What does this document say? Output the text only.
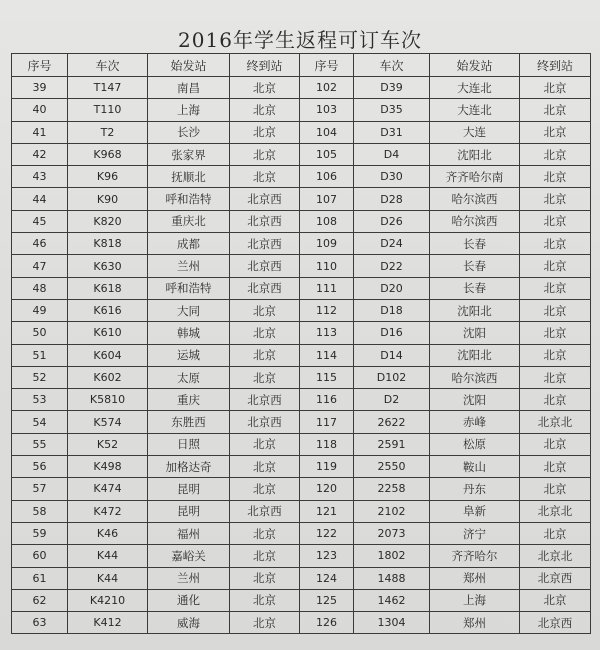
2016年学生返程可订车次
序号	车次	始发站	终到站	序号	车次	始发站	终到站
39	T147	南昌	北京	102	D39	大连北	北京
40	T110	上海	北京	103	D35	大连北	北京
41	T2	长沙	北京	104	D31	大连	北京
42	K968	张家界	北京	105	D4	沈阳北	北京
43	K96	抚顺北	北京	106	D30	齐齐哈尔南	北京
44	K90	呼和浩特	北京西	107	D28	哈尔滨西	北京
45	K820	重庆北	北京西	108	D26	哈尔滨西	北京
46	K818	成都	北京西	109	D24	长春	北京
47	K630	兰州	北京西	110	D22	长春	北京
48	K618	呼和浩特	北京西	111	D20	长春	北京
49	K616	大同	北京	112	D18	沈阳北	北京
50	K610	韩城	北京	113	D16	沈阳	北京
51	K604	运城	北京	114	D14	沈阳北	北京
52	K602	太原	北京	115	D102	哈尔滨西	北京
53	K5810	重庆	北京西	116	D2	沈阳	北京
54	K574	东胜西	北京西	117	2622	赤峰	北京北
55	K52	日照	北京	118	2591	松原	北京
56	K498	加格达奇	北京	119	2550	鞍山	北京
57	K474	昆明	北京	120	2258	丹东	北京
58	K472	昆明	北京西	121	2102	阜新	北京北
59	K46	福州	北京	122	2073	济宁	北京
60	K44	嘉峪关	北京	123	1802	齐齐哈尔	北京北
61	K44	兰州	北京	124	1488	郑州	北京西
62	K4210	通化	北京	125	1462	上海	北京
63	K412	威海	北京	126	1304	郑州	北京西
